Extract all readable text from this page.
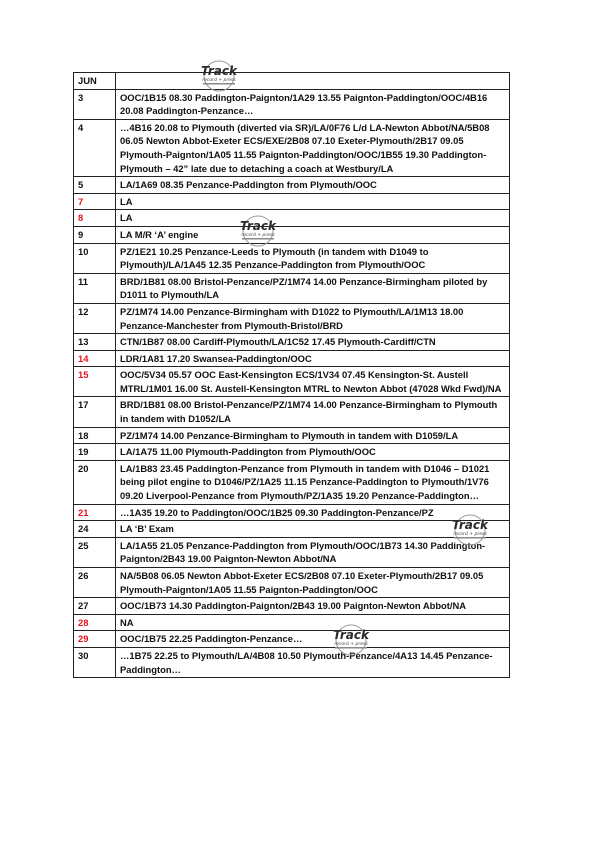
JUN	
3	OOC/1B15 08.30 Paddington-Paignton/1A29 13.55 Paignton-Paddington/OOC/4B16 20.08 Paddington-Penzance…
4	…4B16 20.08 to Plymouth (diverted via SR)/LA/0F76 L/d LA-Newton Abbot/NA/5B08 06.05 Newton Abbot-Exeter ECS/EXE/2B08 07.10 Exeter-Plymouth/2B17 09.05 Plymouth-Paignton/1A05 11.55 Paignton-Paddington/OOC/1B55 19.30 Paddington-Plymouth – 42” late due to detaching a coach at Westbury/LA
5	LA/1A69 08.35 Penzance-Paddington from Plymouth/OOC
7	LA
8	LA
9	LA M/R ‘A’ engine
10	PZ/1E21 10.25 Penzance-Leeds to Plymouth (in tandem with D1049 to Plymouth)/LA/1A45 12.35 Penzance-Paddington from Plymouth/OOC
11	BRD/1B81 08.00 Bristol-Penzance/PZ/1M74 14.00 Penzance-Birmingham piloted by D1011 to Plymouth/LA
12	PZ/1M74 14.00 Penzance-Birmingham with D1022 to Plymouth/LA/1M13 18.00 Penzance-Manchester from Plymouth-Bristol/BRD
13	CTN/1B87 08.00 Cardiff-Plymouth/LA/1C52 17.45 Plymouth-Cardiff/CTN
14	LDR/1A81 17.20 Swansea-Paddington/OOC
15	OOC/5V34 05.57 OOC East-Kensington ECS/1V34 07.45 Kensington-St. Austell MTRL/1M01 16.00 St. Austell-Kensington MTRL to Newton Abbot (47028 Wkd Fwd)/NA
17	BRD/1B81 08.00 Bristol-Penzance/PZ/1M74 14.00 Penzance-Birmingham to Plymouth in tandem with D1052/LA
18	PZ/1M74 14.00 Penzance-Birmingham to Plymouth in tandem with D1059/LA
19	LA/1A75 11.00 Plymouth-Paddington from Plymouth/OOC
20	LA/1B83 23.45 Paddington-Penzance from Plymouth in tandem with D1046 – D1021 being pilot engine to D1046/PZ/1A25 11.15 Penzance-Paddington to Plymouth/1V76 09.20 Liverpool-Penzance from Plymouth/PZ/1A35 19.20 Penzance-Paddington…
21	…1A35 19.20 to Paddington/OOC/1B25 09.30 Paddington-Penzance/PZ
24	LA ‘B’ Exam
25	LA/1A55 21.05 Penzance-Paddington from Plymouth/OOC/1B73 14.30 Paddington-Paignton/2B43 19.00 Paignton-Newton Abbot/NA
26	NA/5B08 06.05 Newton Abbot-Exeter ECS/2B08 07.10 Exeter-Plymouth/2B17 09.05 Plymouth-Paignton/1A05 11.55 Paignton-Paddington/OOC
27	OOC/1B73 14.30 Paddington-Paignton/2B43 19.00 Paignton-Newton Abbot/NA
28	NA
29	OOC/1B75 22.25 Paddington-Penzance…
30	…1B75 22.25 to Plymouth/LA/4B08 10.50 Plymouth-Penzance/4A13 14.45 Penzance-Paddington…
Track
record + press
Track
record + press
Track
record + press
Track
record + press
